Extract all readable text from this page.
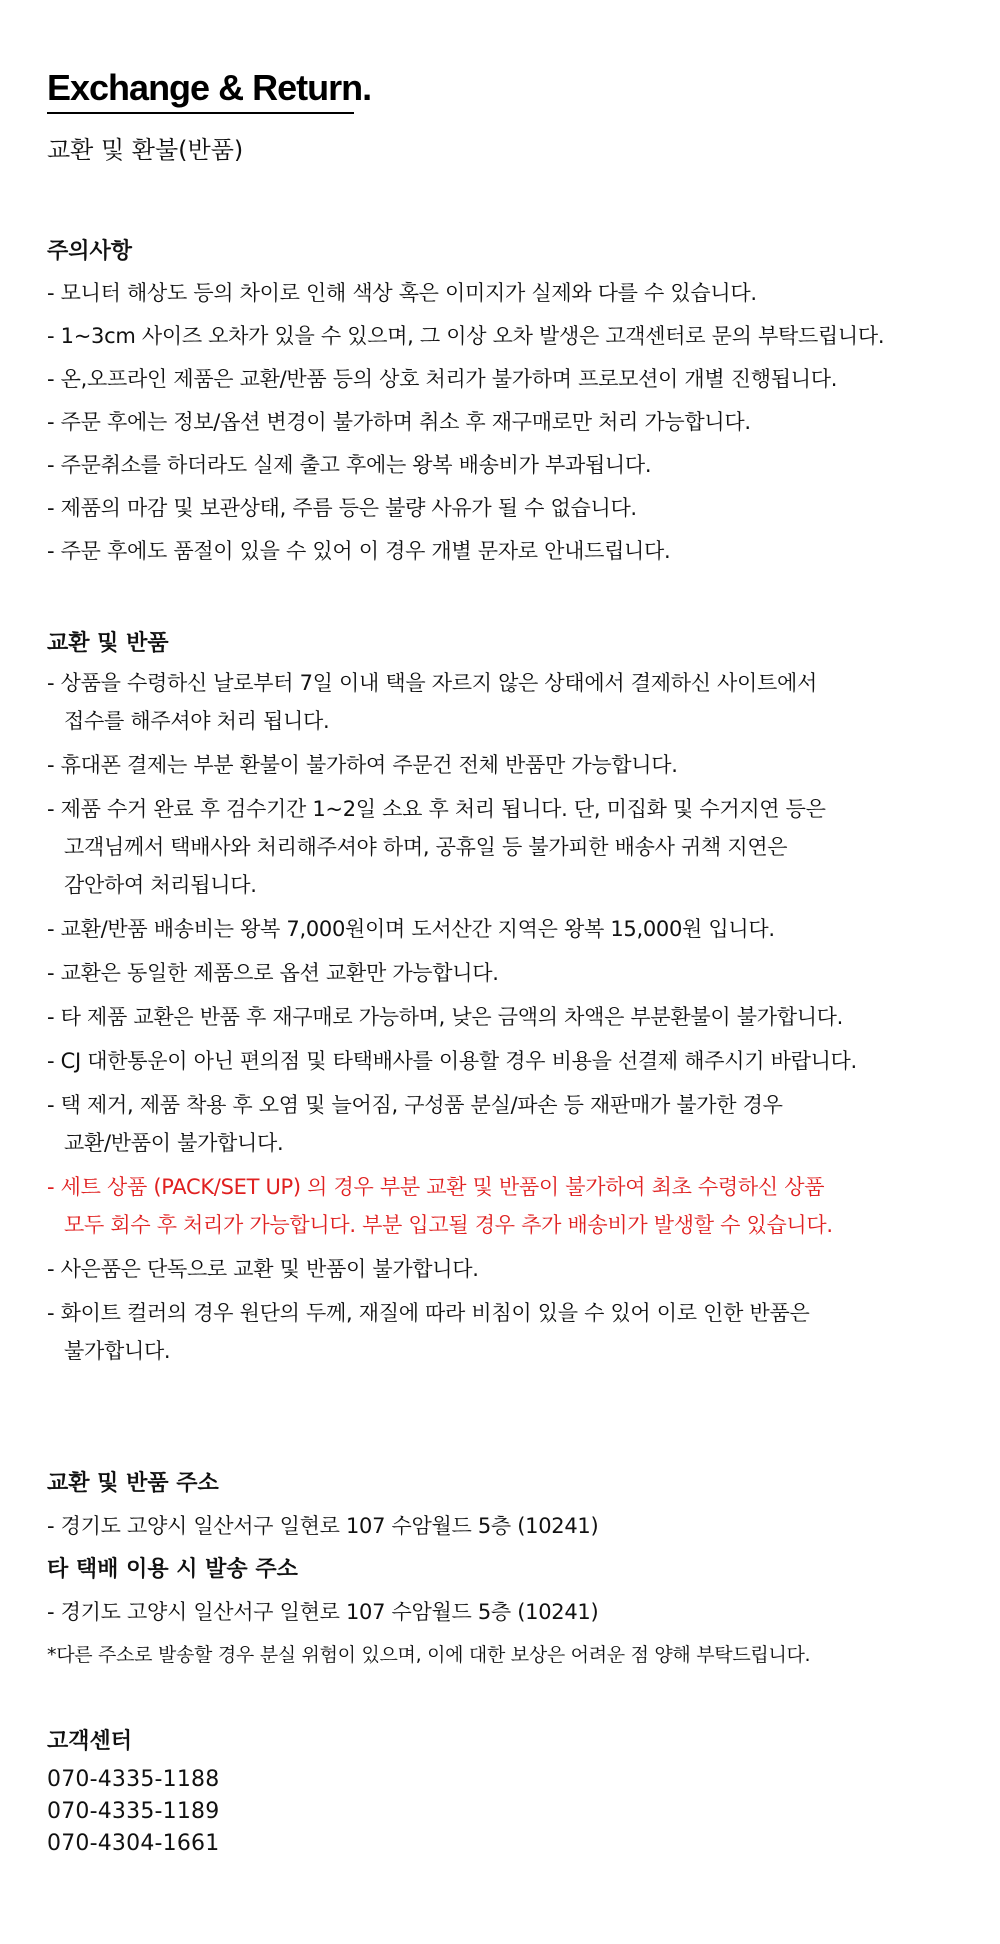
Exchange & Return.

교환 및 환불(반품)

주의사항

- 모니터 해상도 등의 차이로 인해 색상 혹은 이미지가 실제와 다를 수 있습니다.

- 1~3cm 사이즈 오차가 있을 수 있으며, 그 이상 오차 발생은 고객센터로 문의 부탁드립니다.

- 온,오프라인 제품은 교환/반품 등의 상호 처리가 불가하며 프로모션이 개별 진행됩니다.

- 주문 후에는 정보/옵션 변경이 불가하며 취소 후 재구매로만 처리 가능합니다.

- 주문취소를 하더라도 실제 출고 후에는 왕복 배송비가 부과됩니다.

- 제품의 마감 및 보관상태, 주름 등은 불량 사유가 될 수 없습니다.

- 주문 후에도 품절이 있을 수 있어 이 경우 개별 문자로 안내드립니다.

교환 및 반품

- 상품을 수령하신 날로부터 7일 이내 택을 자르지 않은 상태에서 결제하신 사이트에서
접수를 해주셔야 처리 됩니다.

- 휴대폰 결제는 부분 환불이 불가하여 주문건 전체 반품만 가능합니다.

- 제품 수거 완료 후 검수기간 1~2일 소요 후 처리 됩니다. 단, 미집화 및 수거지연 등은
고객님께서 택배사와 처리해주셔야 하며, 공휴일 등 불가피한 배송사 귀책 지연은
감안하여 처리됩니다.

- 교환/반품 배송비는 왕복 7,000원이며 도서산간 지역은 왕복 15,000원 입니다.

- 교환은 동일한 제품으로 옵션 교환만 가능합니다.

- 타 제품 교환은 반품 후 재구매로 가능하며, 낮은 금액의 차액은 부분환불이 불가합니다.

- CJ 대한통운이 아닌 편의점 및 타택배사를 이용할 경우 비용을 선결제 해주시기 바랍니다.

- 택 제거, 제품 착용 후 오염 및 늘어짐, 구성품 분실/파손 등 재판매가 불가한 경우
교환/반품이 불가합니다.

- 세트 상품 (PACK/SET UP) 의 경우 부분 교환 및 반품이 불가하여 최초 수령하신 상품
모두 회수 후 처리가 가능합니다. 부분 입고될 경우 추가 배송비가 발생할 수 있습니다.

- 사은품은 단독으로 교환 및 반품이 불가합니다.

- 화이트 컬러의 경우 원단의 두께, 재질에 따라 비침이 있을 수 있어 이로 인한 반품은
불가합니다.

교환 및 반품 주소

- 경기도 고양시 일산서구 일현로 107 수암월드 5층 (10241)

타 택배 이용 시 발송 주소

- 경기도 고양시 일산서구 일현로 107 수암월드 5층 (10241)

*다른 주소로 발송할 경우 분실 위험이 있으며, 이에 대한 보상은 어려운 점 양해 부탁드립니다.

고객센터

070-4335-1188

070-4335-1189

070-4304-1661
